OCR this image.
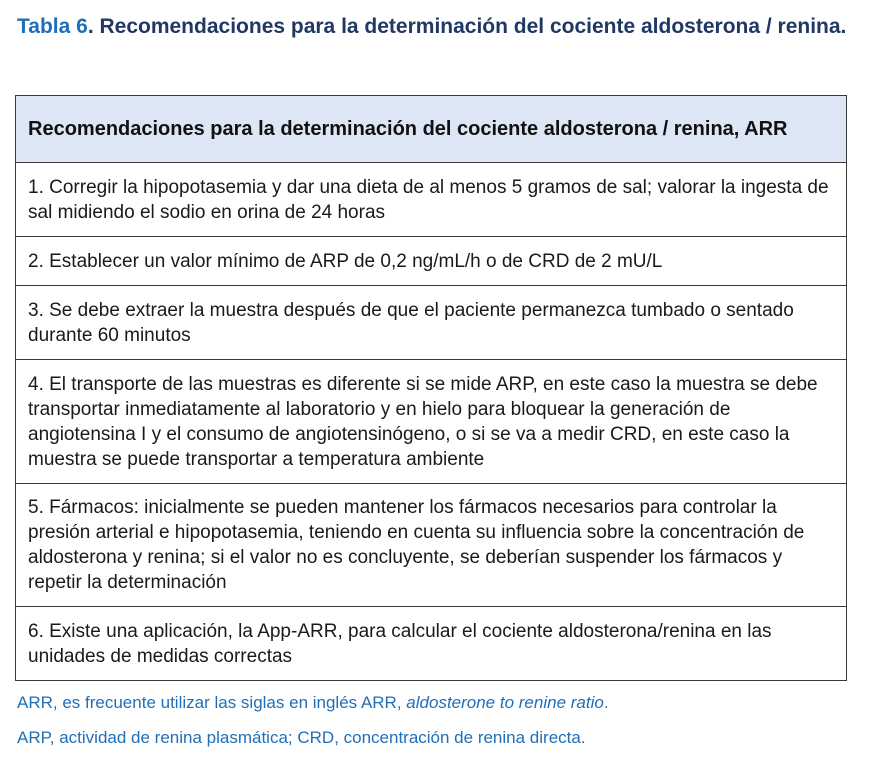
Tabla 6. Recomendaciones para la determinación del cociente aldosterona / renina.
Recomendaciones para la determinación del cociente aldosterona / renina, ARR
1. Corregir la hipopotasemia y dar una dieta de al menos 5 gramos de sal; valorar la ingesta de sal midiendo el sodio en orina de 24 horas
2. Establecer un valor mínimo de ARP de 0,2 ng/mL/h o de CRD de 2 mU/L
3. Se debe extraer la muestra después de que el paciente permanezca tumbado o sentado durante 60 minutos
4. El transporte de las muestras es diferente si se mide ARP, en este caso la muestra se debe transportar inmediatamente al laboratorio y en hielo para bloquear la generación de angiotensina I y el consumo de angiotensinógeno, o si se va a medir CRD, en este caso la muestra se puede transportar a temperatura ambiente
5. Fármacos: inicialmente se pueden mantener los fármacos necesarios para controlar la presión arterial e hipopotasemia, teniendo en cuenta su influencia sobre la concentración de aldosterona y renina; si el valor no es concluyente, se deberían suspender los fármacos y repetir la determinación
6. Existe una aplicación, la App-ARR, para calcular el cociente aldosterona/renina en las unidades de medidas correctas
ARR, es frecuente utilizar las siglas en inglés ARR, aldosterone to renine ratio.
ARP, actividad de renina plasmática; CRD, concentración de renina directa.
